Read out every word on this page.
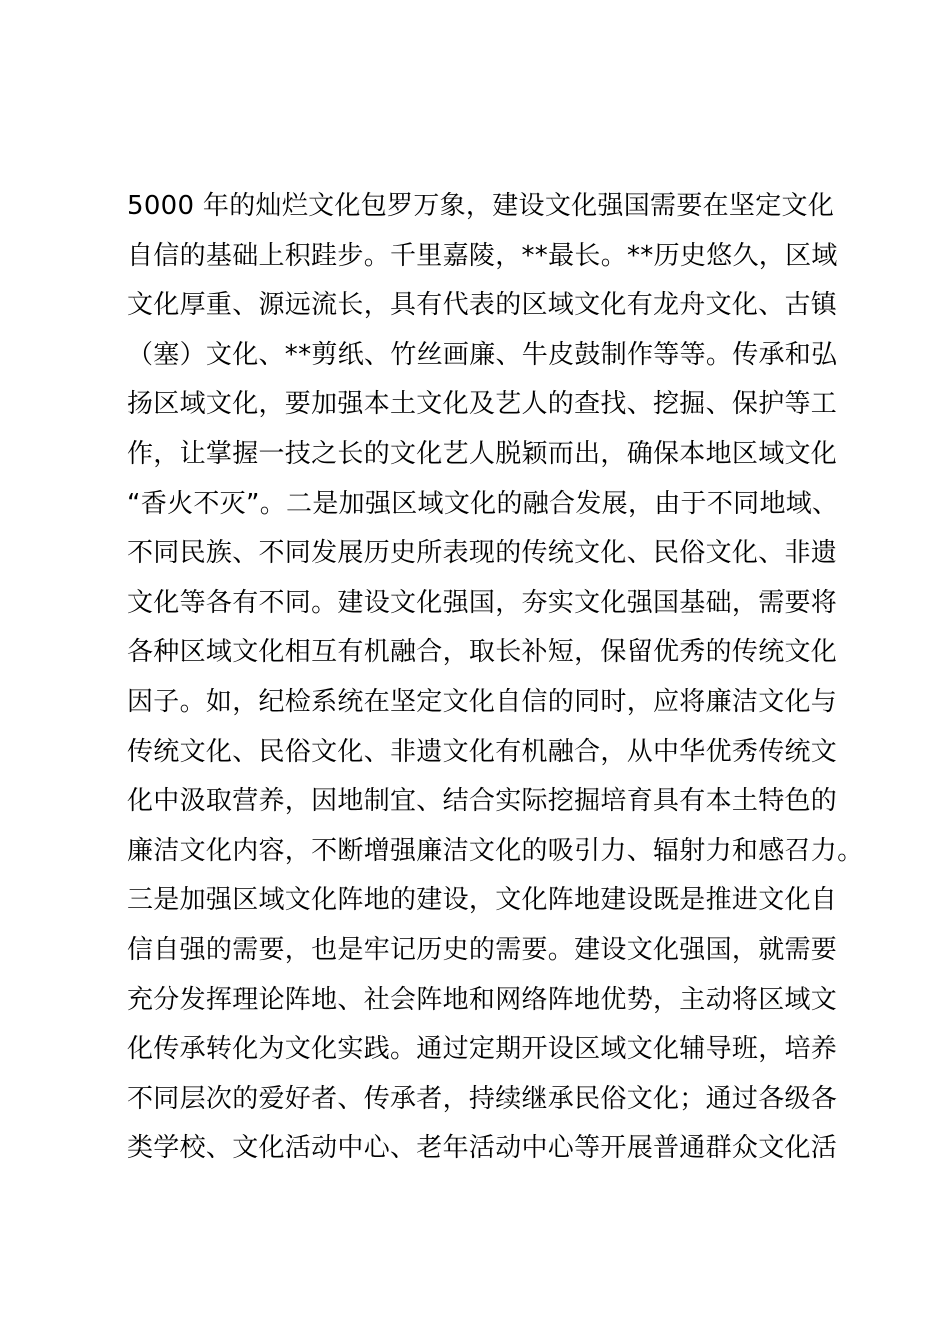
5000 年的灿烂文化包罗万象，建设文化强国需要在坚定文化
自信的基础上积跬步。千里嘉陵，**最长。**历史悠久，区域
文化厚重、源远流长，具有代表的区域文化有龙舟文化、古镇
（塞）文化、**剪纸、竹丝画廉、牛皮鼓制作等等。传承和弘
扬区域文化，要加强本土文化及艺人的查找、挖掘、保护等工
作，让掌握一技之长的文化艺人脱颖而出，确保本地区域文化
“香火不灭”。二是加强区域文化的融合发展，由于不同地域、
不同民族、不同发展历史所表现的传统文化、民俗文化、非遗
文化等各有不同。建设文化强国，夯实文化强国基础，需要将
各种区域文化相互有机融合，取长补短，保留优秀的传统文化
因子。如，纪检系统在坚定文化自信的同时，应将廉洁文化与
传统文化、民俗文化、非遗文化有机融合，从中华优秀传统文
化中汲取营养，因地制宜、结合实际挖掘培育具有本土特色的
廉洁文化内容，不断增强廉洁文化的吸引力、辐射力和感召力。
三是加强区域文化阵地的建设，文化阵地建设既是推进文化自
信自强的需要，也是牢记历史的需要。建设文化强国，就需要
充分发挥理论阵地、社会阵地和网络阵地优势，主动将区域文
化传承转化为文化实践。通过定期开设区域文化辅导班，培养
不同层次的爱好者、传承者，持续继承民俗文化；通过各级各
类学校、文化活动中心、老年活动中心等开展普通群众文化活
